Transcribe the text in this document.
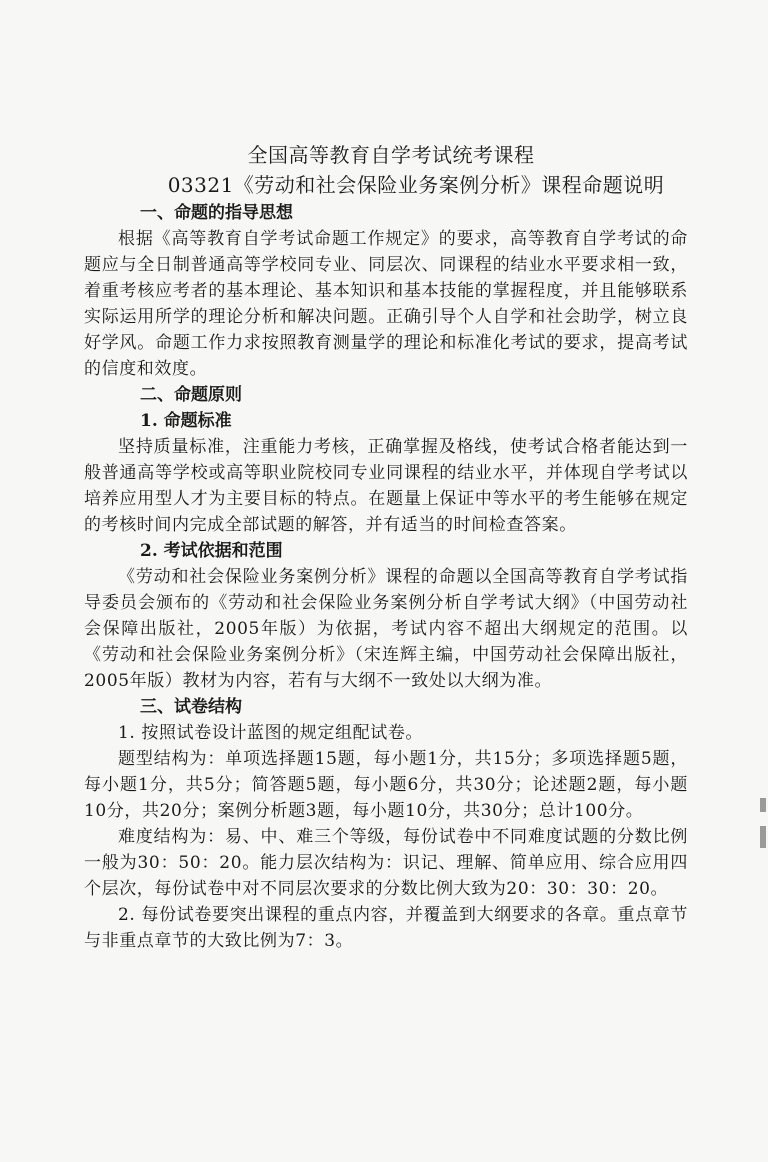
全国高等教育自学考试统考课程
03321《劳动和社会保险业务案例分析》课程命题说明
一、命题的指导思想

根据《高等教育自学考试命题工作规定》的要求，高等教育自学考试的命题应与全日制普通高等学校同专业、同层次、同课程的结业水平要求相一致，着重考核应考者的基本理论、基本知识和基本技能的掌握程度，并且能够联系实际运用所学的理论分析和解决问题。正确引导个人自学和社会助学，树立良好学风。命题工作力求按照教育测量学的理论和标准化考试的要求，提高考试的信度和效度。

二、命题原则
1. 命题标准

坚持质量标准，注重能力考核，正确掌握及格线，使考试合格者能达到一般普通高等学校或高等职业院校同专业同课程的结业水平，并体现自学考试以培养应用型人才为主要目标的特点。在题量上保证中等水平的考生能够在规定的考核时间内完成全部试题的解答，并有适当的时间检查答案。

2. 考试依据和范围

《劳动和社会保险业务案例分析》课程的命题以全国高等教育自学考试指导委员会颁布的《劳动和社会保险业务案例分析自学考试大纲》（中国劳动社会保障出版社，2005年版）为依据，考试内容不超出大纲规定的范围。以《劳动和社会保险业务案例分析》（宋连辉主编，中国劳动社会保障出版社，2005年版）教材为内容，若有与大纲不一致处以大纲为准。

三、试卷结构

1. 按照试卷设计蓝图的规定组配试卷。

题型结构为：单项选择题15题，每小题1分，共15分；多项选择题5题，每小题1分，共5分；简答题5题，每小题6分，共30分；论述题2题，每小题10分，共20分；案例分析题3题，每小题10分，共30分；总计100分。

难度结构为：易、中、难三个等级，每份试卷中不同难度试题的分数比例一般为30：50：20。能力层次结构为：识记、理解、简单应用、综合应用四个层次，每份试卷中对不同层次要求的分数比例大致为20：30：30：20。

2. 每份试卷要突出课程的重点内容，并覆盖到大纲要求的各章。重点章节与非重点章节的大致比例为7：3。
